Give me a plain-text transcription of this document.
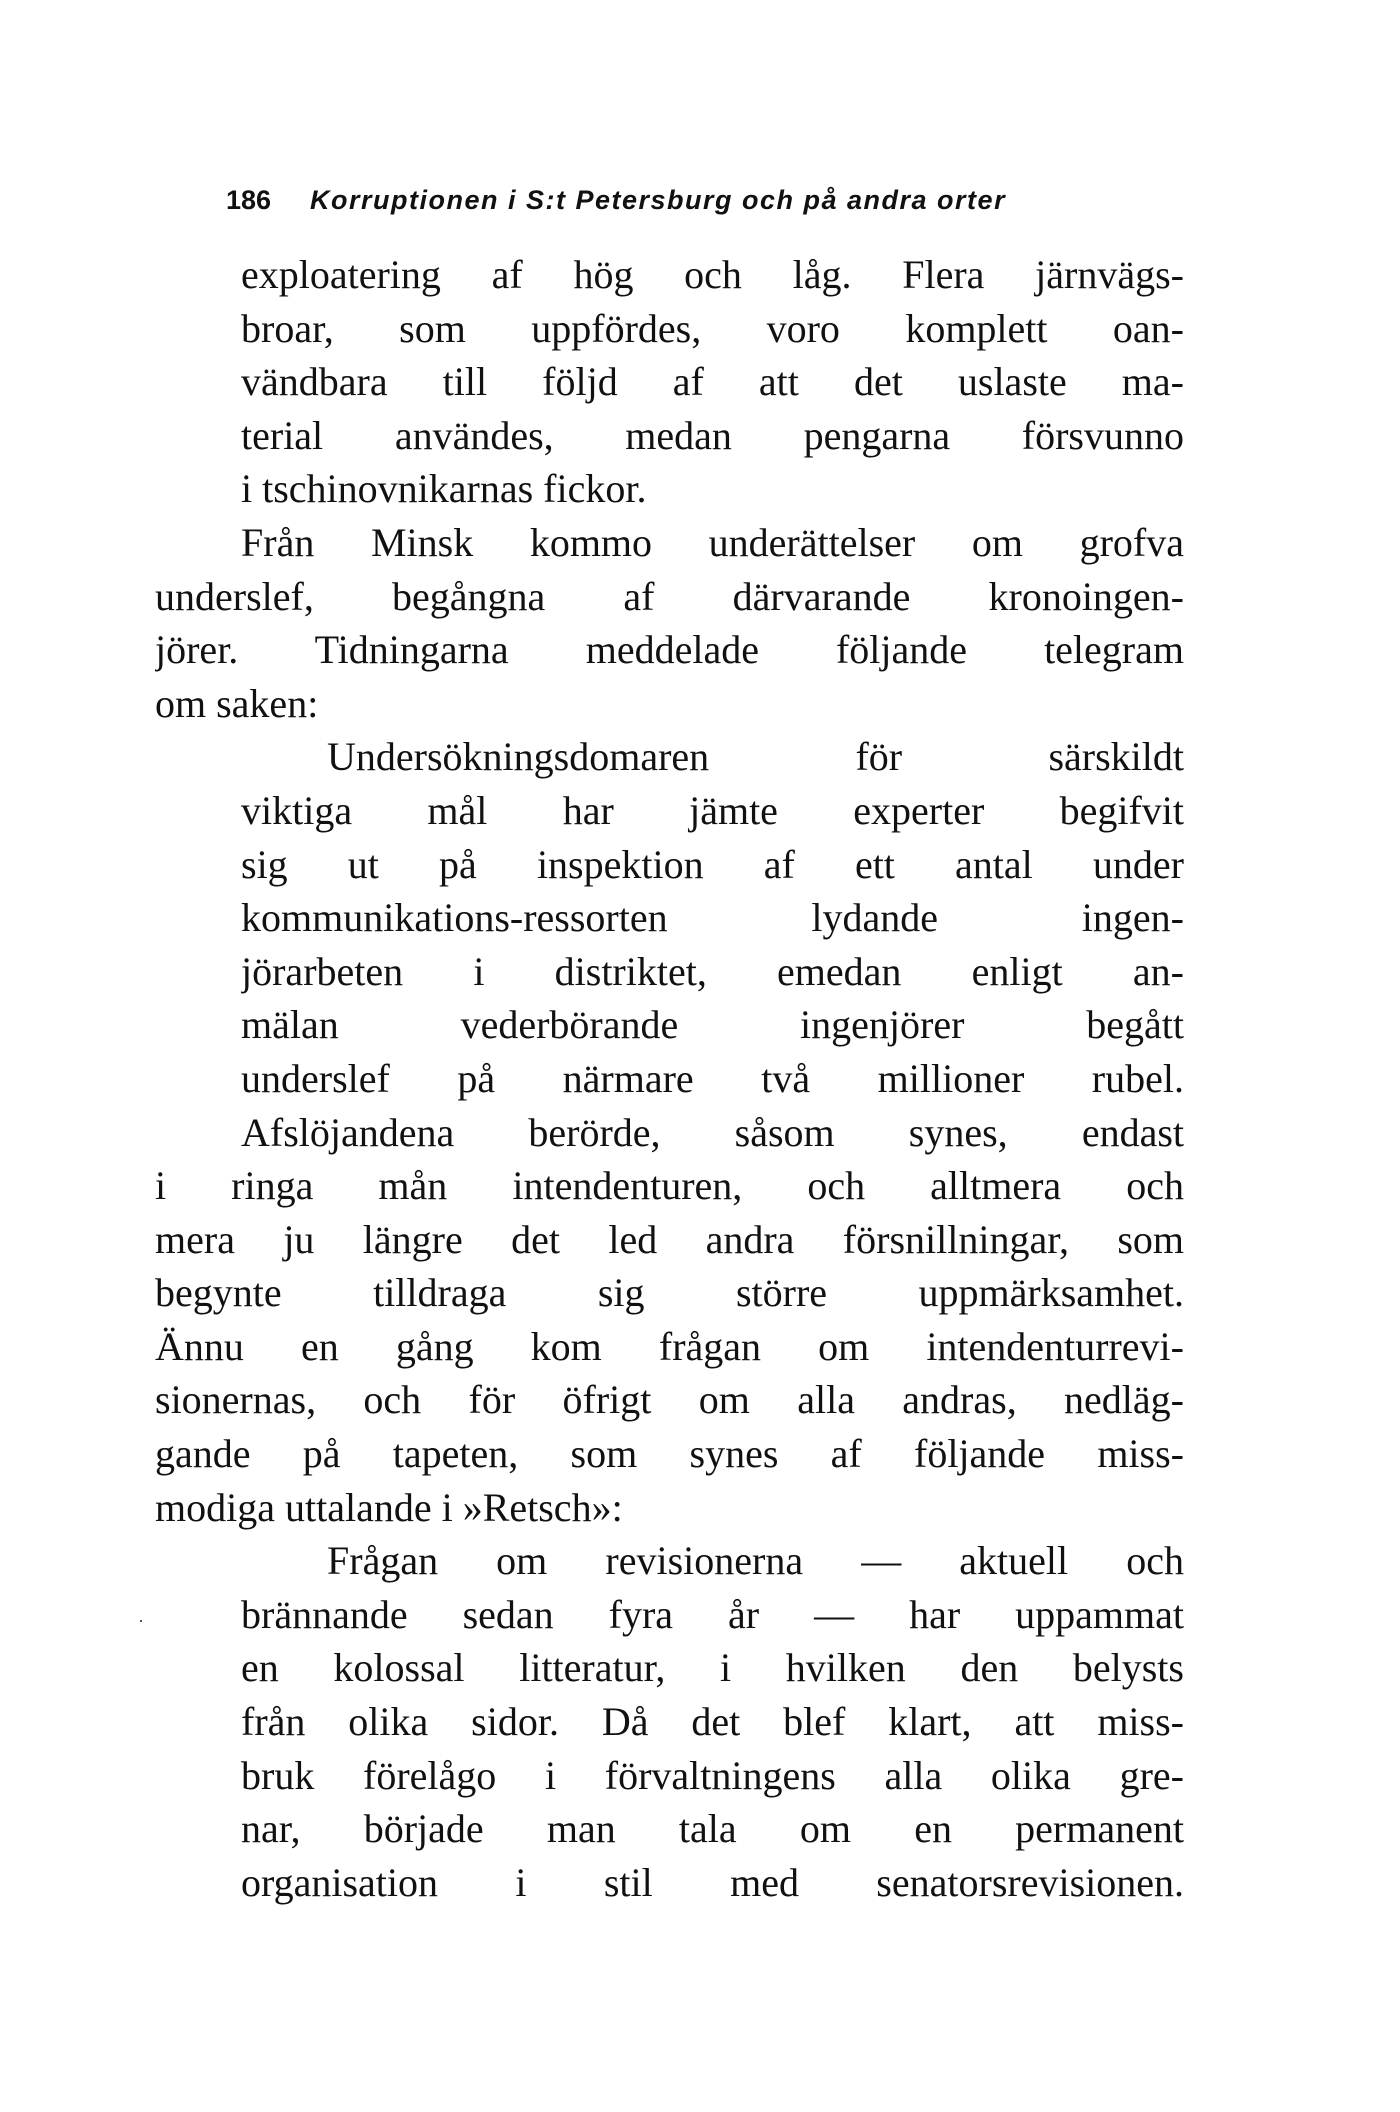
186 Korruptionen i S:t Petersburg och på andra orter
exploatering af hög och låg. Flera järnvägs-
broar, som uppfördes, voro komplett oan-
vändbara till följd af att det uslaste ma-
terial användes, medan pengarna försvunno
i tschinovnikarnas fickor.
Från Minsk kommo underättelser om grofva
underslef, begångna af därvarande kronoingen-
jörer. Tidningarna meddelade följande telegram
om saken:
Undersökningsdomaren för särskildt
viktiga mål har jämte experter begifvit
sig ut på inspektion af ett antal under
kommunikations-ressorten lydande ingen-
jörarbeten i distriktet, emedan enligt an-
mälan vederbörande ingenjörer begått
underslef på närmare två millioner rubel.
Afslöjandena berörde, såsom synes, endast
i ringa mån intendenturen, och alltmera och
mera ju längre det led andra försnillningar, som
begynte tilldraga sig större uppmärksamhet.
Ännu en gång kom frågan om intendenturrevi-
sionernas, och för öfrigt om alla andras, nedläg-
gande på tapeten, som synes af följande miss-
modiga uttalande i »Retsch»:
Frågan om revisionerna — aktuell och
brännande sedan fyra år — har uppammat
en kolossal litteratur, i hvilken den belysts
från olika sidor. Då det blef klart, att miss-
bruk förelågo i förvaltningens alla olika gre-
nar, började man tala om en permanent
organisation i stil med senatorsrevisionen.
